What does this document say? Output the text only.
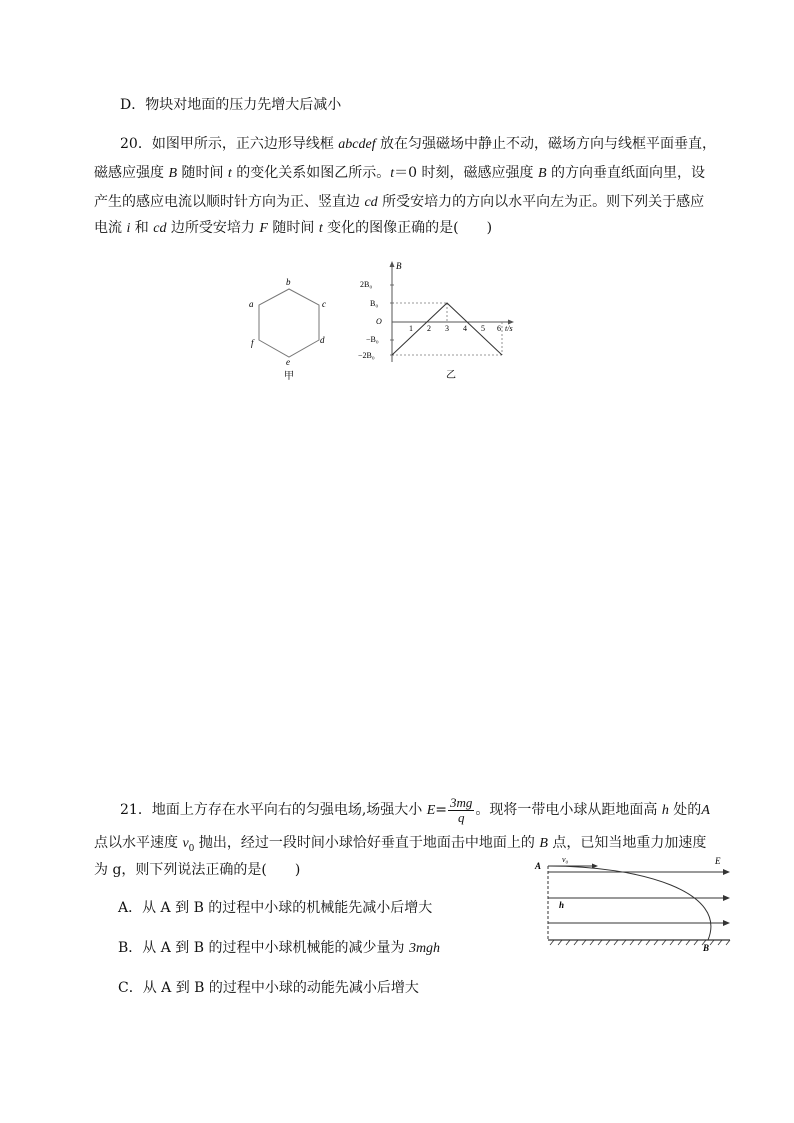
D．物块对地面的压力先增大后减小
20．如图甲所示，正六边形导线框 abcdef 放在匀强磁场中静止不动，磁场方向与线框平面垂直，
磁感应强度 B 随时间 t 的变化关系如图乙所示。t＝0 时刻，磁感应强度 B 的方向垂直纸面向里，设
产生的感应电流以顺时针方向为正、竖直边 cd 所受安培力的方向以水平向左为正。则下列关于感应
电流 i 和 cd 边所受安培力 F 随时间 t 变化的图像正确的是(　　)
b
c
a
d
f
e
甲
B
t/s
2B₀
B₀
O
−B₀
−2B₀
1 2 3 4 5 6
乙
21．地面上方存在水平向右的匀强电场,场强大小 $E= \frac{3mg}{q}$ 。现将一带电小球从距地面高 h 处的A
点以水平速度 $v_0$ 抛出，经过一段时间小球恰好垂直于地面击中地面上的 B 点，已知当地重力加速度
为 g，则下列说法正确的是(　　)
A．从 A 到 B 的过程中小球的机械能先减小后增大
B．从 A 到 B 的过程中小球机械能的减少量为 3mgh
C．从 A 到 B 的过程中小球的动能先减小后增大
A
v₀	E
h
B
